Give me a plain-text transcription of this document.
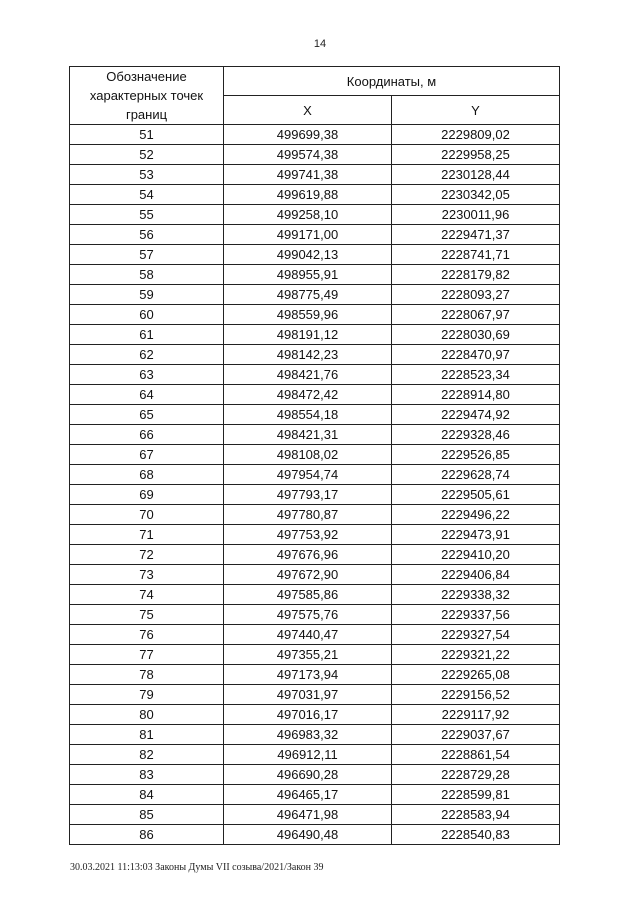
14
Обозначение характерных точек границ	Координаты, м	
	X	Y
51	499699,38	2229809,02
52	499574,38	2229958,25
53	499741,38	2230128,44
54	499619,88	2230342,05
55	499258,10	2230011,96
56	499171,00	2229471,37
57	499042,13	2228741,71
58	498955,91	2228179,82
59	498775,49	2228093,27
60	498559,96	2228067,97
61	498191,12	2228030,69
62	498142,23	2228470,97
63	498421,76	2228523,34
64	498472,42	2228914,80
65	498554,18	2229474,92
66	498421,31	2229328,46
67	498108,02	2229526,85
68	497954,74	2229628,74
69	497793,17	2229505,61
70	497780,87	2229496,22
71	497753,92	2229473,91
72	497676,96	2229410,20
73	497672,90	2229406,84
74	497585,86	2229338,32
75	497575,76	2229337,56
76	497440,47	2229327,54
77	497355,21	2229321,22
78	497173,94	2229265,08
79	497031,97	2229156,52
80	497016,17	2229117,92
81	496983,32	2229037,67
82	496912,11	2228861,54
83	496690,28	2228729,28
84	496465,17	2228599,81
85	496471,98	2228583,94
86	496490,48	2228540,83
30.03.2021 11:13:03 Законы Думы VII созыва/2021/Закон 39
